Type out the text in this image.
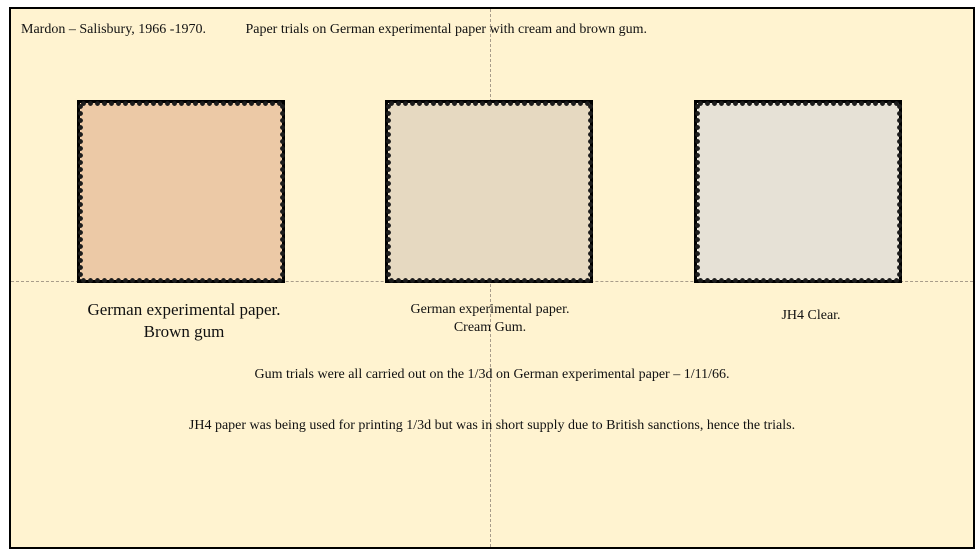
Mardon – Salisbury, 1966 -1970.	Paper trials on German experimental paper with cream and brown gum.
German experimental paper.
Brown gum
German experimental paper.
Cream Gum.
JH4 Clear.
Gum trials were all carried out on the 1/3d on German experimental paper – 1/11/66.
JH4 paper was being used for printing 1/3d but was in short supply due to British sanctions, hence the trials.
